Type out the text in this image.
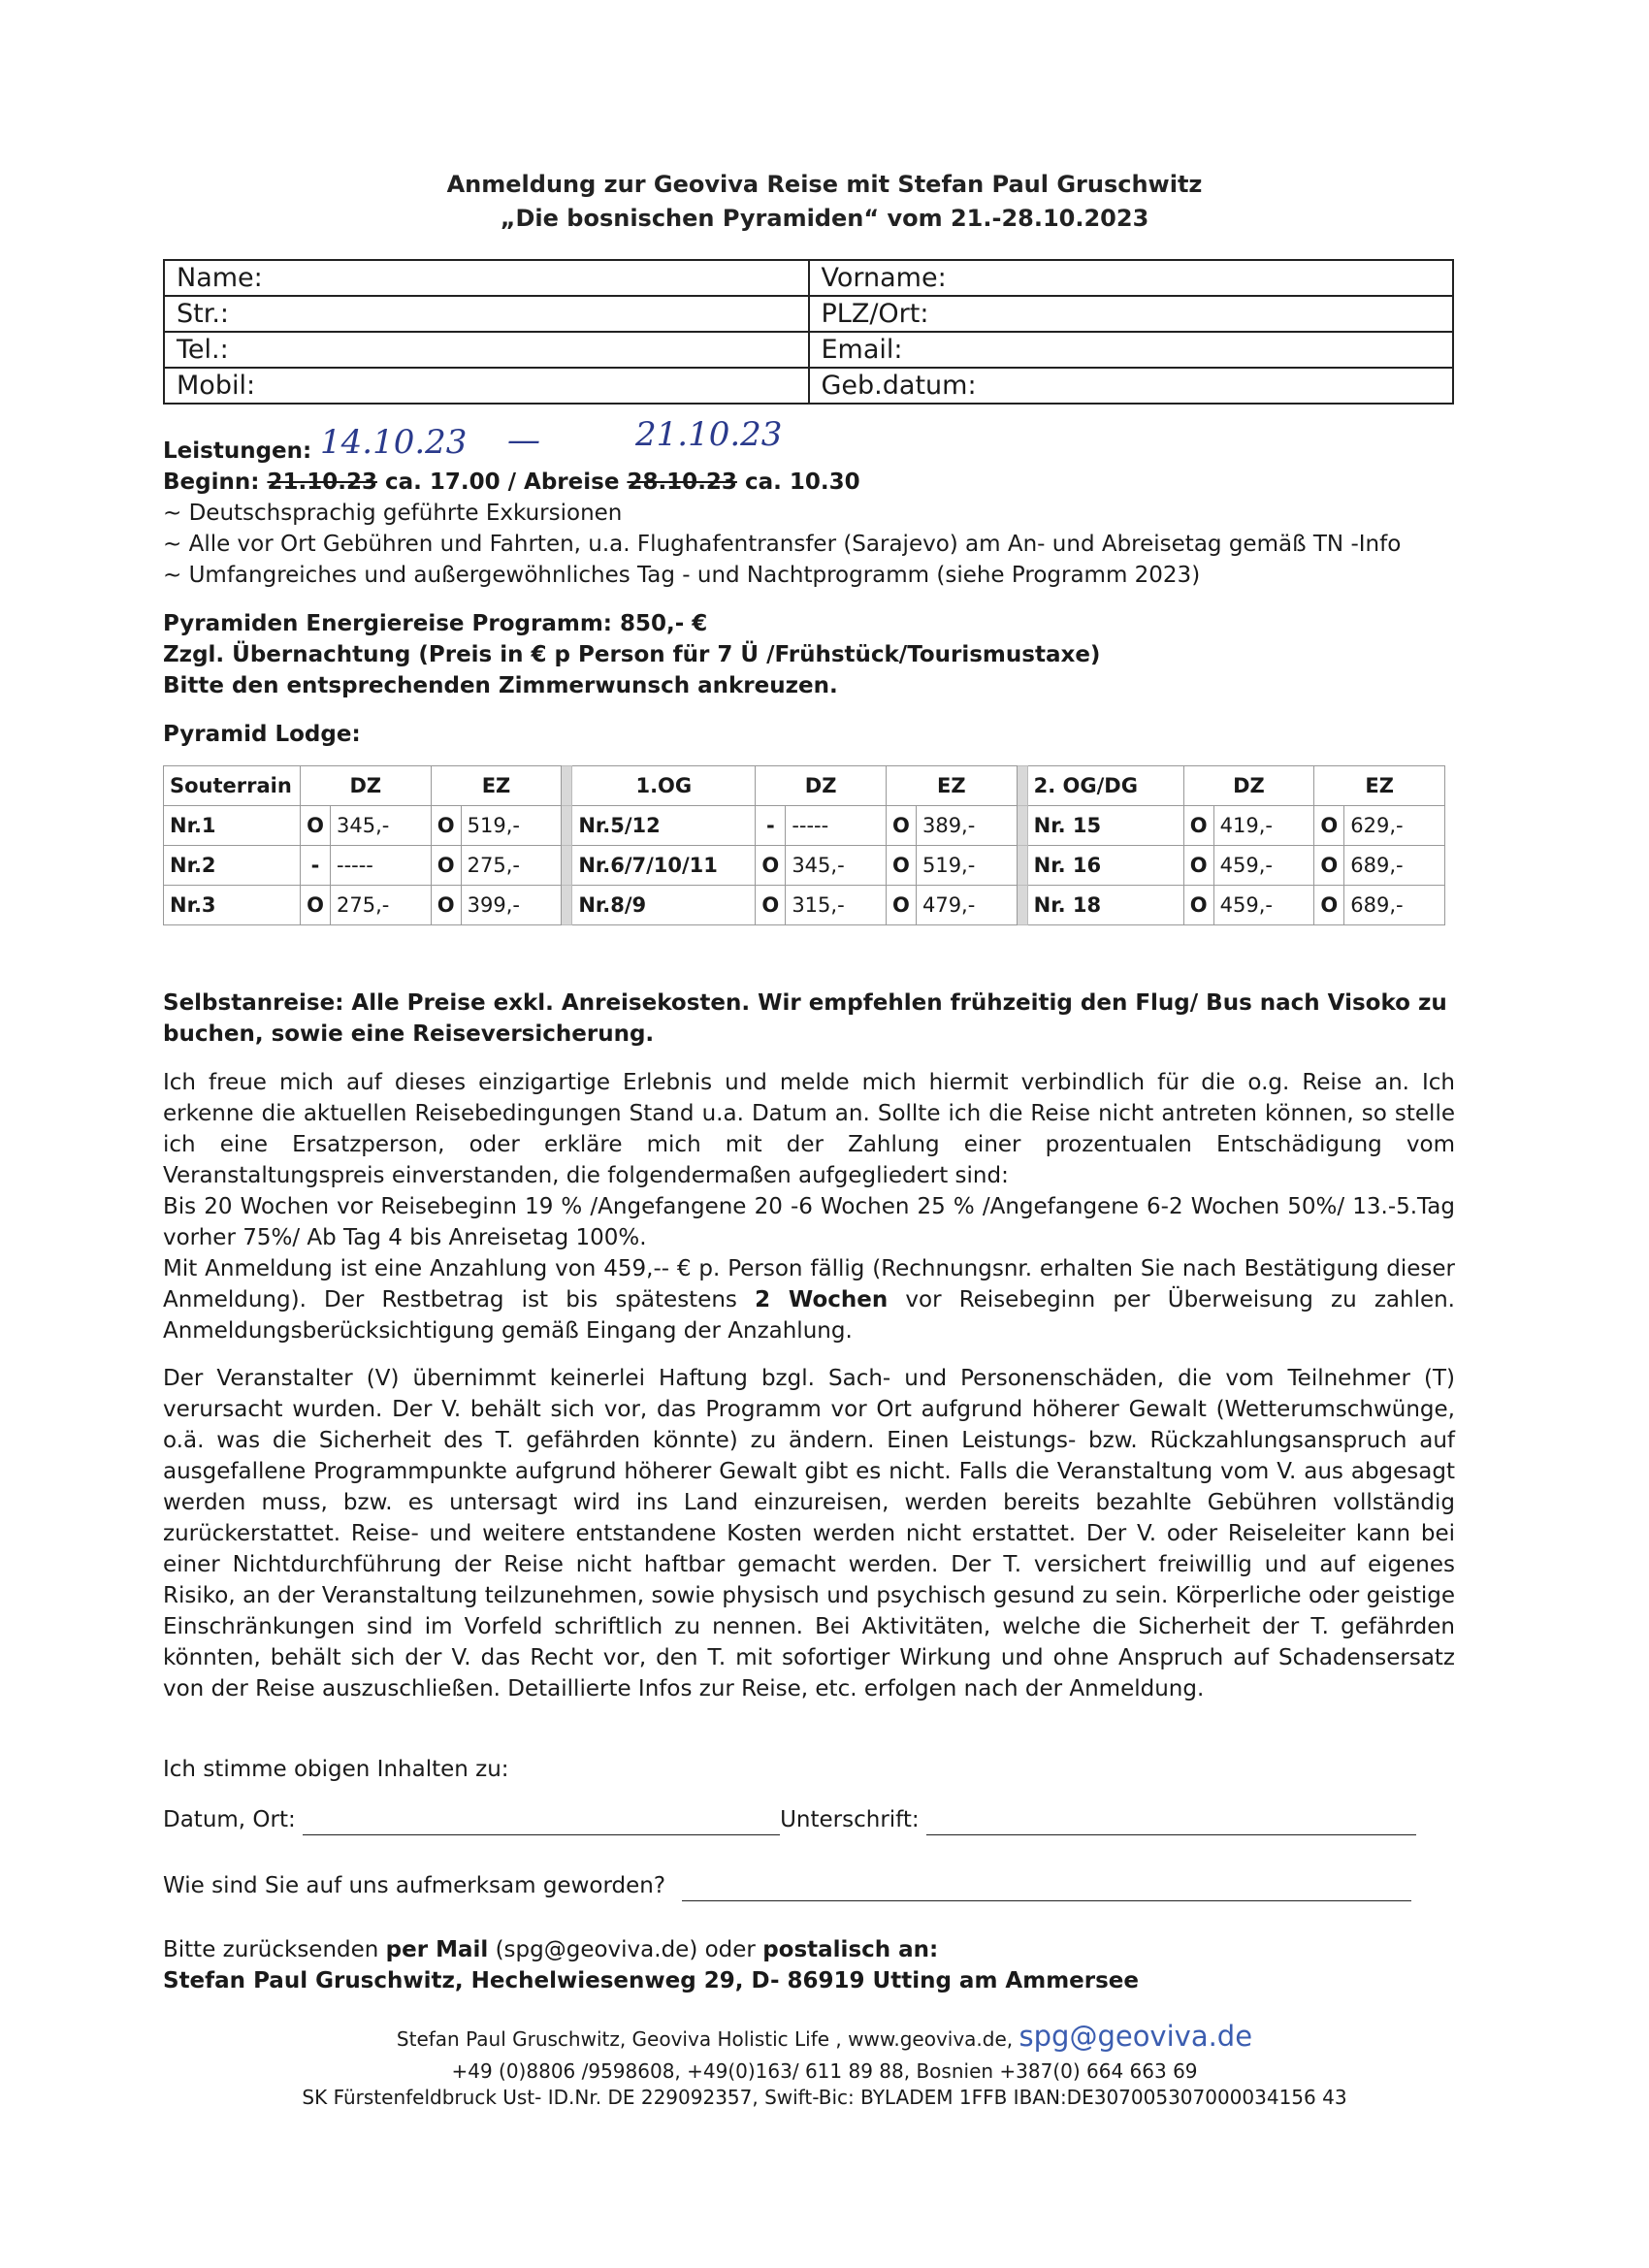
Anmeldung zur Geoviva Reise mit Stefan Paul Gruschwitz
„Die bosnischen Pyramiden“ vom 21.-28.10.2023
Name:	Vorname:
Str.:	PLZ/Ort:
Tel.:	Email:
Mobil:	Geb.datum:
Leistungen: 14.10.23 —	21.10.23
Beginn: 21.10.23 ca. 17.00 / Abreise 28.10.23 ca. 10.30
~ Deutschsprachig geführte Exkursionen
~ Alle vor Ort Gebühren und Fahrten, u.a. Flughafentransfer (Sarajevo) am An- und Abreisetag gemäß TN -Info
~ Umfangreiches und außergewöhnliches Tag - und Nachtprogramm (siehe Programm 2023)
Pyramiden Energiereise Programm: 850,- €
Zzgl. Übernachtung (Preis in € p Person für 7 Ü /Frühstück/Tourismustaxe)
Bitte den entsprechenden Zimmerwunsch ankreuzen.
Pyramid Lodge:
Souterrain	DZ		EZ			1.OG	DZ		EZ			2. OG/DG	DZ		EZ	
Nr.1	O	345,-	O	519,-		Nr.5/12	-	-----	O	389,-		Nr. 15	O	419,-	O	629,-
Nr.2	-	-----	O	275,-		Nr.6/7/10/11	O	345,-	O	519,-		Nr. 16	O	459,-	O	689,-
Nr.3	O	275,-	O	399,-		Nr.8/9	O	315,-	O	479,-		Nr. 18	O	459,-	O	689,-
Selbstanreise: Alle Preise exkl. Anreisekosten. Wir empfehlen frühzeitig den Flug/ Bus nach Visoko zu buchen, sowie eine Reiseversicherung.
Ich freue mich auf dieses einzigartige Erlebnis und melde mich hiermit verbindlich für die o.g. Reise an. Ich erkenne die aktuellen Reisebedingungen Stand u.a. Datum an. Sollte ich die Reise nicht antreten können, so stelle ich eine Ersatzperson, oder erkläre mich mit der Zahlung einer prozentualen Entschädigung vom Veranstaltungspreis einverstanden, die folgendermaßen aufgegliedert sind:
Bis 20 Wochen vor Reisebeginn 19 % /Angefangene 20 -6 Wochen 25 % /Angefangene 6-2 Wochen 50%/ 13.-5.Tag vorher 75%/ Ab Tag 4 bis Anreisetag 100%.
Mit Anmeldung ist eine Anzahlung von 459,-- € p. Person fällig (Rechnungsnr. erhalten Sie nach Bestätigung dieser Anmeldung). Der Restbetrag ist bis spätestens 2 Wochen vor Reisebeginn per Überweisung zu zahlen. Anmeldungsberücksichtigung gemäß Eingang der Anzahlung.
Der Veranstalter (V) übernimmt keinerlei Haftung bzgl. Sach- und Personenschäden, die vom Teilnehmer (T) verursacht wurden. Der V. behält sich vor, das Programm vor Ort aufgrund höherer Gewalt (Wetterumschwünge, o.ä. was die Sicherheit des T. gefährden könnte) zu ändern. Einen Leistungs- bzw. Rückzahlungsanspruch auf ausgefallene Programmpunkte aufgrund höherer Gewalt gibt es nicht. Falls die Veranstaltung vom V. aus abgesagt werden muss, bzw. es untersagt wird ins Land einzureisen, werden bereits bezahlte Gebühren vollständig zurückerstattet. Reise- und weitere entstandene Kosten werden nicht erstattet. Der V. oder Reiseleiter kann bei einer Nichtdurchführung der Reise nicht haftbar gemacht werden. Der T. versichert freiwillig und auf eigenes Risiko, an der Veranstaltung teilzunehmen, sowie physisch und psychisch gesund zu sein. Körperliche oder geistige Einschränkungen sind im Vorfeld schriftlich zu nennen. Bei Aktivitäten, welche die Sicherheit der T. gefährden könnten, behält sich der V. das Recht vor, den T. mit sofortiger Wirkung und ohne Anspruch auf Schadensersatz von der Reise auszuschließen. Detaillierte Infos zur Reise, etc. erfolgen nach der Anmeldung.
Ich stimme obigen Inhalten zu:
Datum, Ort:	Unterschrift:
Wie sind Sie auf uns aufmerksam geworden?
Bitte zurücksenden per Mail (spg@geoviva.de) oder postalisch an:
Stefan Paul Gruschwitz, Hechelwiesenweg 29, D- 86919 Utting am Ammersee
Stefan Paul Gruschwitz, Geoviva Holistic Life , www.geoviva.de, spg@geoviva.de
+49 (0)8806 /9598608, +49(0)163/ 611 89 88, Bosnien +387(0) 664 663 69
SK Fürstenfeldbruck Ust- ID.Nr. DE 229092357, Swift-Bic: BYLADEM 1FFB IBAN:DE307005307000034156 43
